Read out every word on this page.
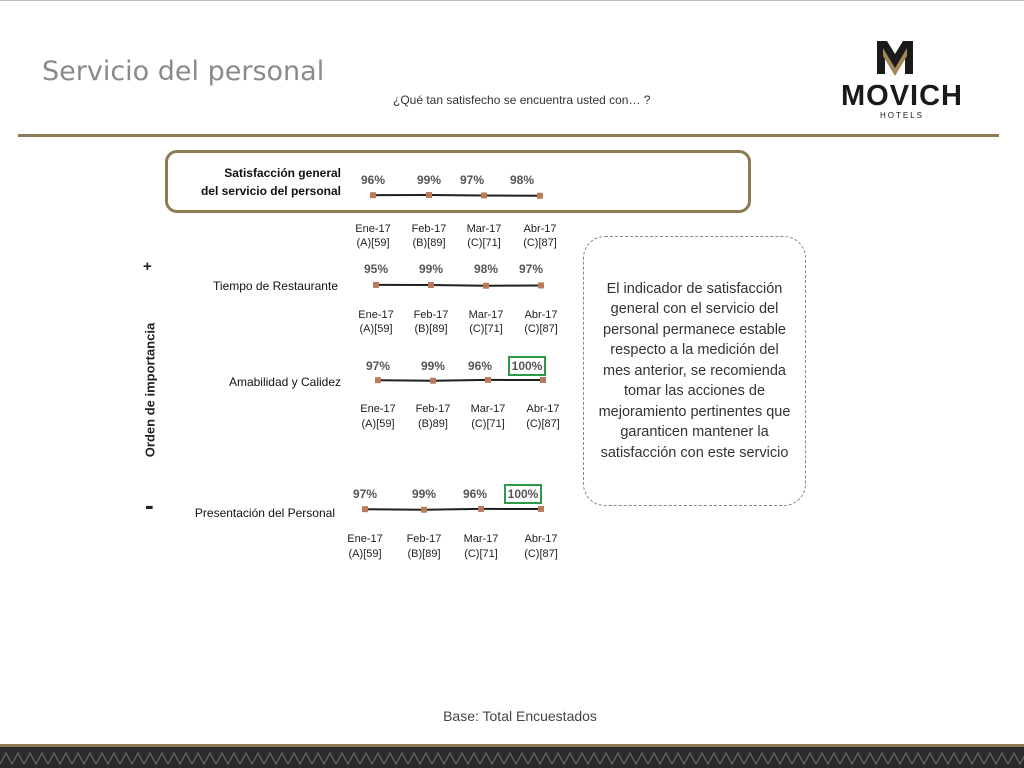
Servicio del personal
¿Qué tan satisfecho se encuentra usted con… ?	MOVICH
HOTELS
Satisfacción general
del servicio del personal
Tiempo de Restaurante
Amabilidad y Calidez
Presentación del Personal
+
Orden de importancia
-
96%
Ene-17
(A)[59]
99%
Feb-17
(B)[89]
97%
Mar-17
(C)[71]
98%
Abr-17
(C)[87]
95%
Ene-17
(A)[59]
99%
Feb-17
(B)[89]
98%
Mar-17
(C)[71]
97%
Abr-17
(C)[87]
97%
Ene-17
(A)[59]
99%
Feb-17
(B)89]
96%
Mar-17
(C)[71]
100%
Abr-17
(C)[87]
97%
Ene-17
(A)[59]
99%
Feb-17
(B)[89]
96%
Mar-17
(C)[71]
100%
Abr-17
(C)[87]
El indicador de satisfacción general con el servicio del personal permanece estable respecto a la medición del mes anterior, se recomienda tomar las acciones de mejoramiento pertinentes que garanticen mantener la satisfacción con este servicio
Base: Total Encuestados
